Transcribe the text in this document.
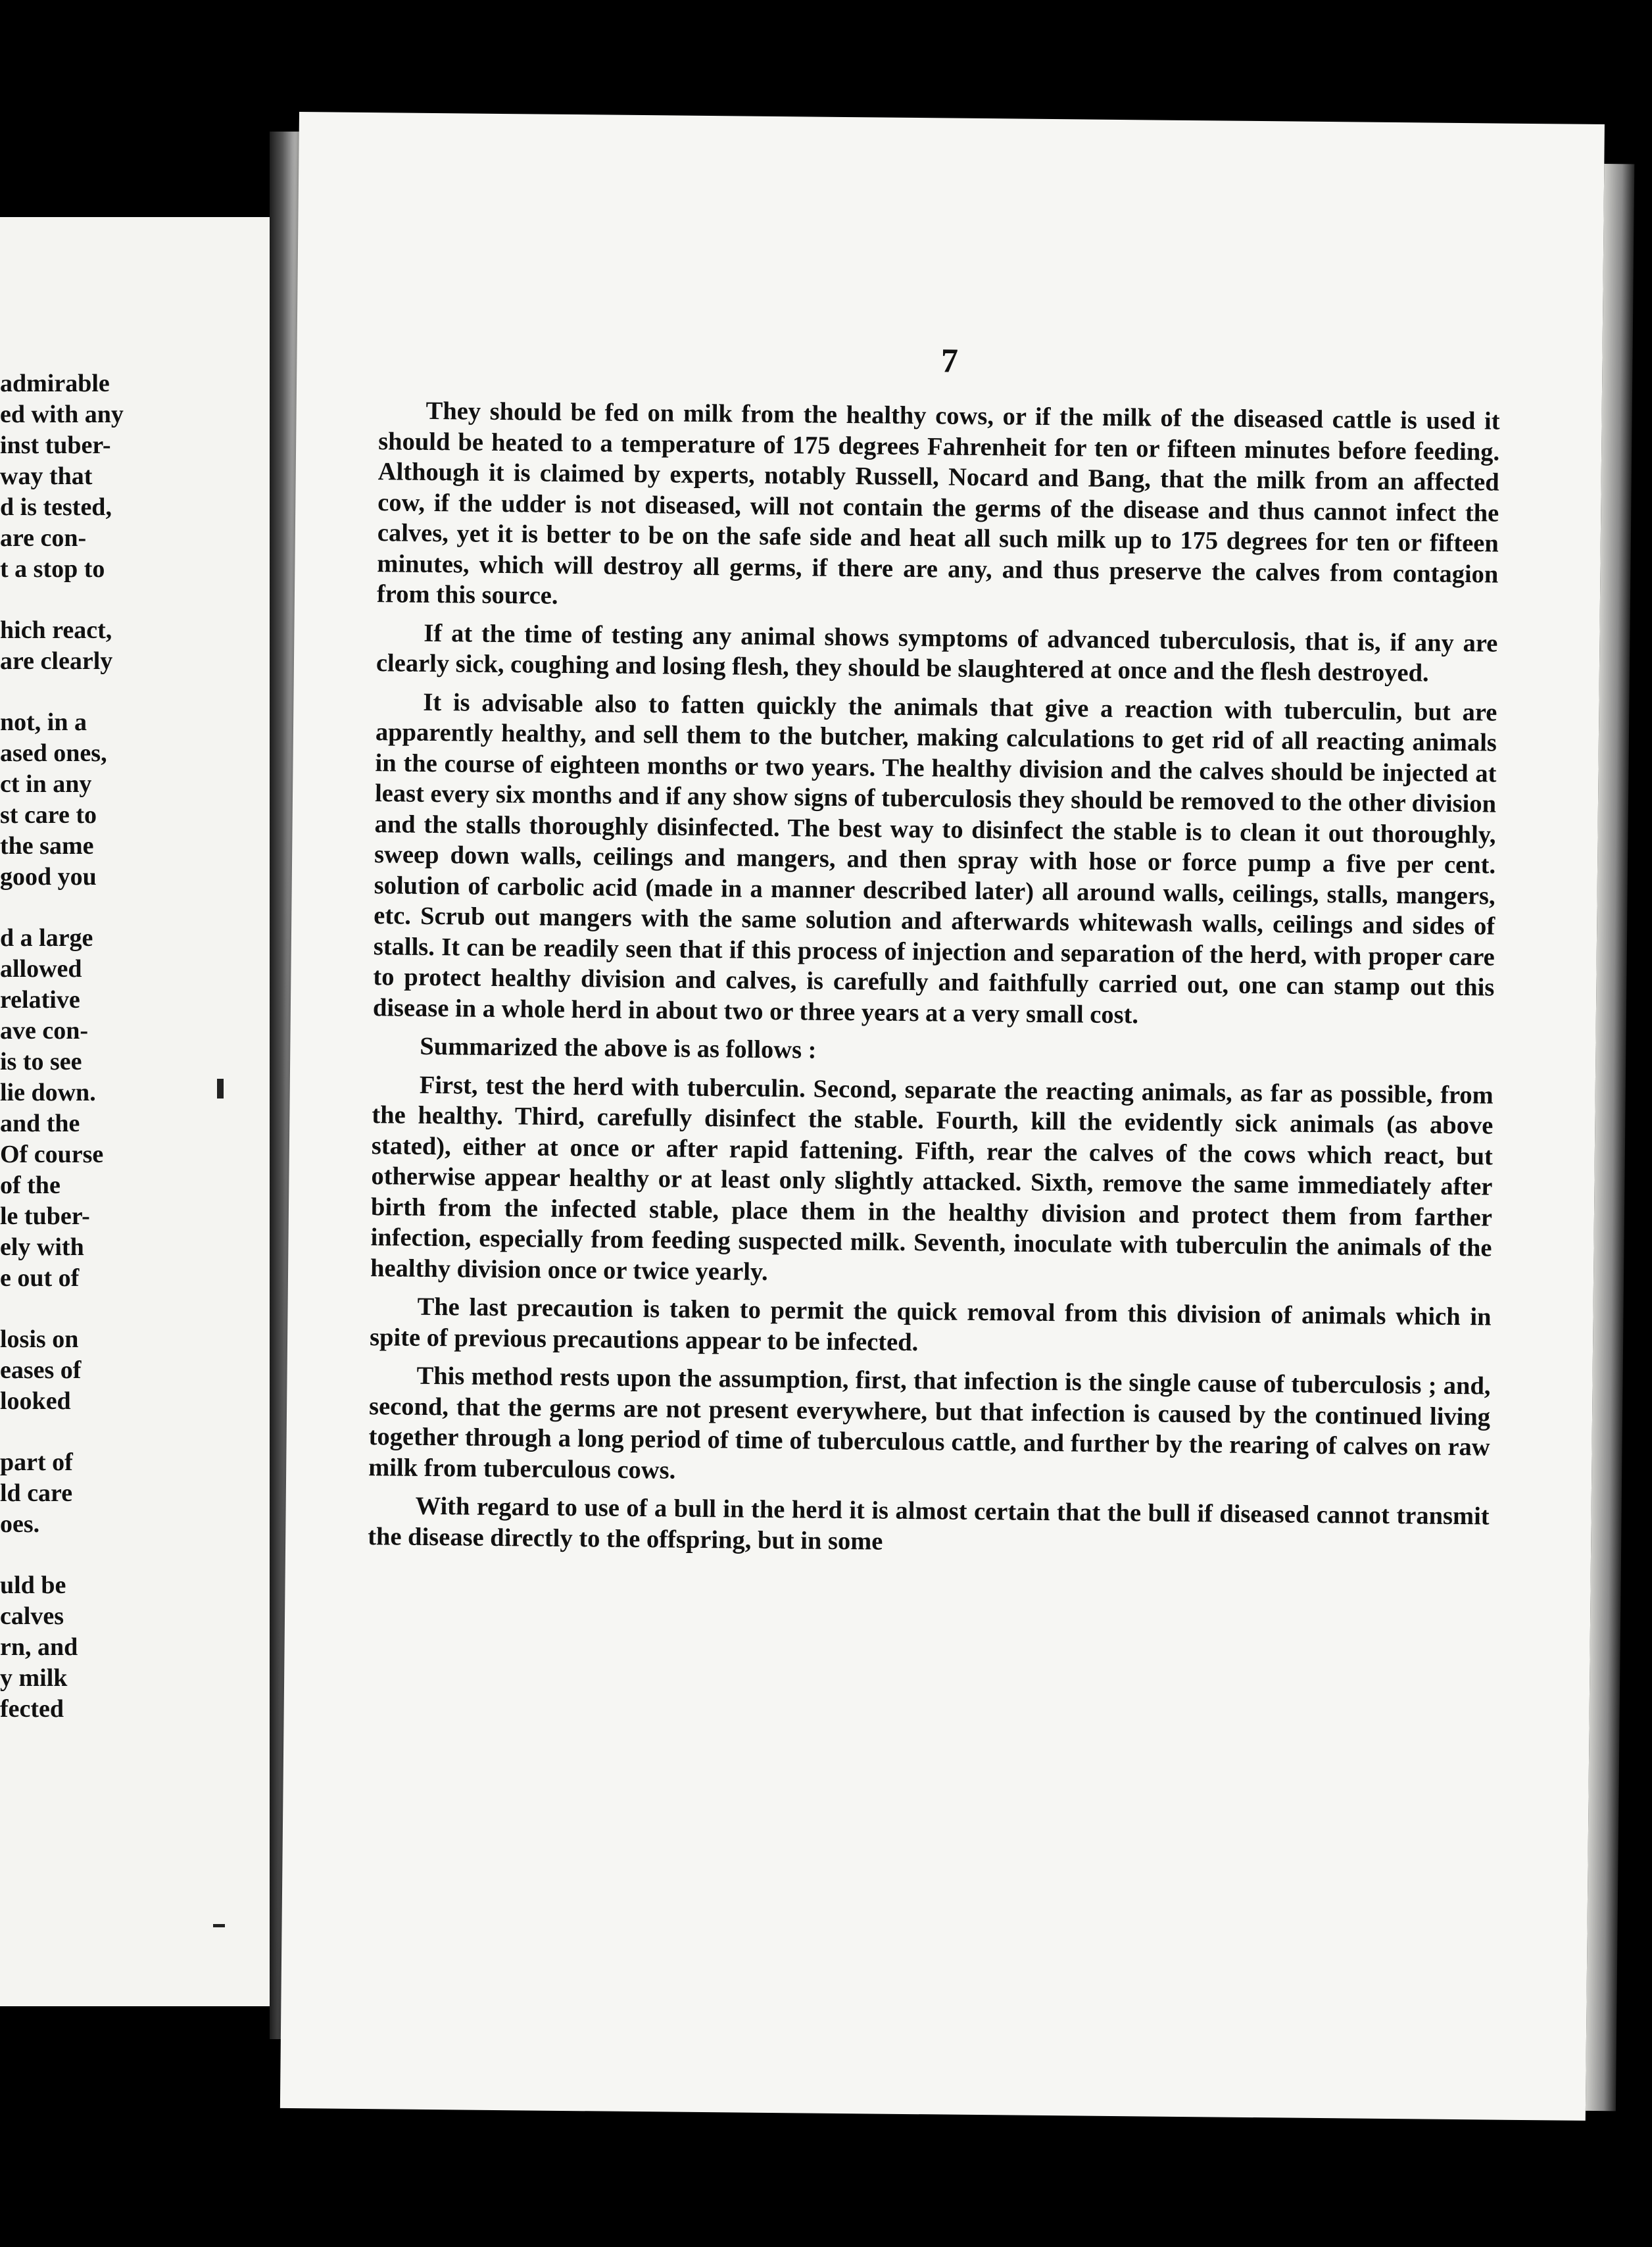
admirable
ed with any
inst tuber-
way that
d is tested,
are con-
t a stop to
hich react,
are clearly
not, in a
ased ones,
ct in any
st care to
the same
good you
d a large
allowed
relative
ave con-
is to see
lie down.
and the
Of course
of the
le tuber-
ely with
e out of
losis on
eases of
looked
part of
ld care
oes.
uld be
calves
rn, and
y milk
fected

7

They should be fed on milk from the healthy cows, or if the milk of the diseased cattle is used it should be heated to a temperature of 175 degrees Fahrenheit for ten or fifteen minutes before feeding. Although it is claimed by experts, notably Russell, Nocard and Bang, that the milk from an affected cow, if the udder is not diseased, will not contain the germs of the disease and thus cannot infect the calves, yet it is better to be on the safe side and heat all such milk up to 175 degrees for ten or fifteen minutes, which will destroy all germs, if there are any, and thus preserve the calves from contagion from this source.

If at the time of testing any animal shows symptoms of advanced tuberculosis, that is, if any are clearly sick, coughing and losing flesh, they should be slaughtered at once and the flesh destroyed.

It is advisable also to fatten quickly the animals that give a reaction with tuberculin, but are apparently healthy, and sell them to the butcher, making calculations to get rid of all reacting animals in the course of eighteen months or two years. The healthy division and the calves should be injected at least every six months and if any show signs of tuberculosis they should be removed to the other division and the stalls thoroughly disinfected. The best way to disinfect the stable is to clean it out thoroughly, sweep down walls, ceilings and mangers, and then spray with hose or force pump a five per cent. solution of carbolic acid (made in a manner described later) all around walls, ceilings, stalls, mangers, etc. Scrub out mangers with the same solution and afterwards whitewash walls, ceilings and sides of stalls. It can be readily seen that if this process of injection and separation of the herd, with proper care to protect healthy division and calves, is carefully and faithfully carried out, one can stamp out this disease in a whole herd in about two or three years at a very small cost.

Summarized the above is as follows :

First, test the herd with tuberculin. Second, separate the reacting animals, as far as possible, from the healthy. Third, carefully disinfect the stable. Fourth, kill the evidently sick animals (as above stated), either at once or after rapid fattening. Fifth, rear the calves of the cows which react, but otherwise appear healthy or at least only slightly attacked. Sixth, remove the same immediately after birth from the infected stable, place them in the healthy division and protect them from farther infection, especially from feeding suspected milk. Seventh, inoculate with tuberculin the animals of the healthy division once or twice yearly.

The last precaution is taken to permit the quick removal from this division of animals which in spite of previous precautions appear to be infected.

This method rests upon the assumption, first, that infection is the single cause of tuberculosis ; and, second, that the germs are not present everywhere, but that infection is caused by the continued living together through a long period of time of tuberculous cattle, and further by the rearing of calves on raw milk from tuberculous cows.

With regard to use of a bull in the herd it is almost certain that the bull if diseased cannot transmit the disease directly to the offspring, but in some
